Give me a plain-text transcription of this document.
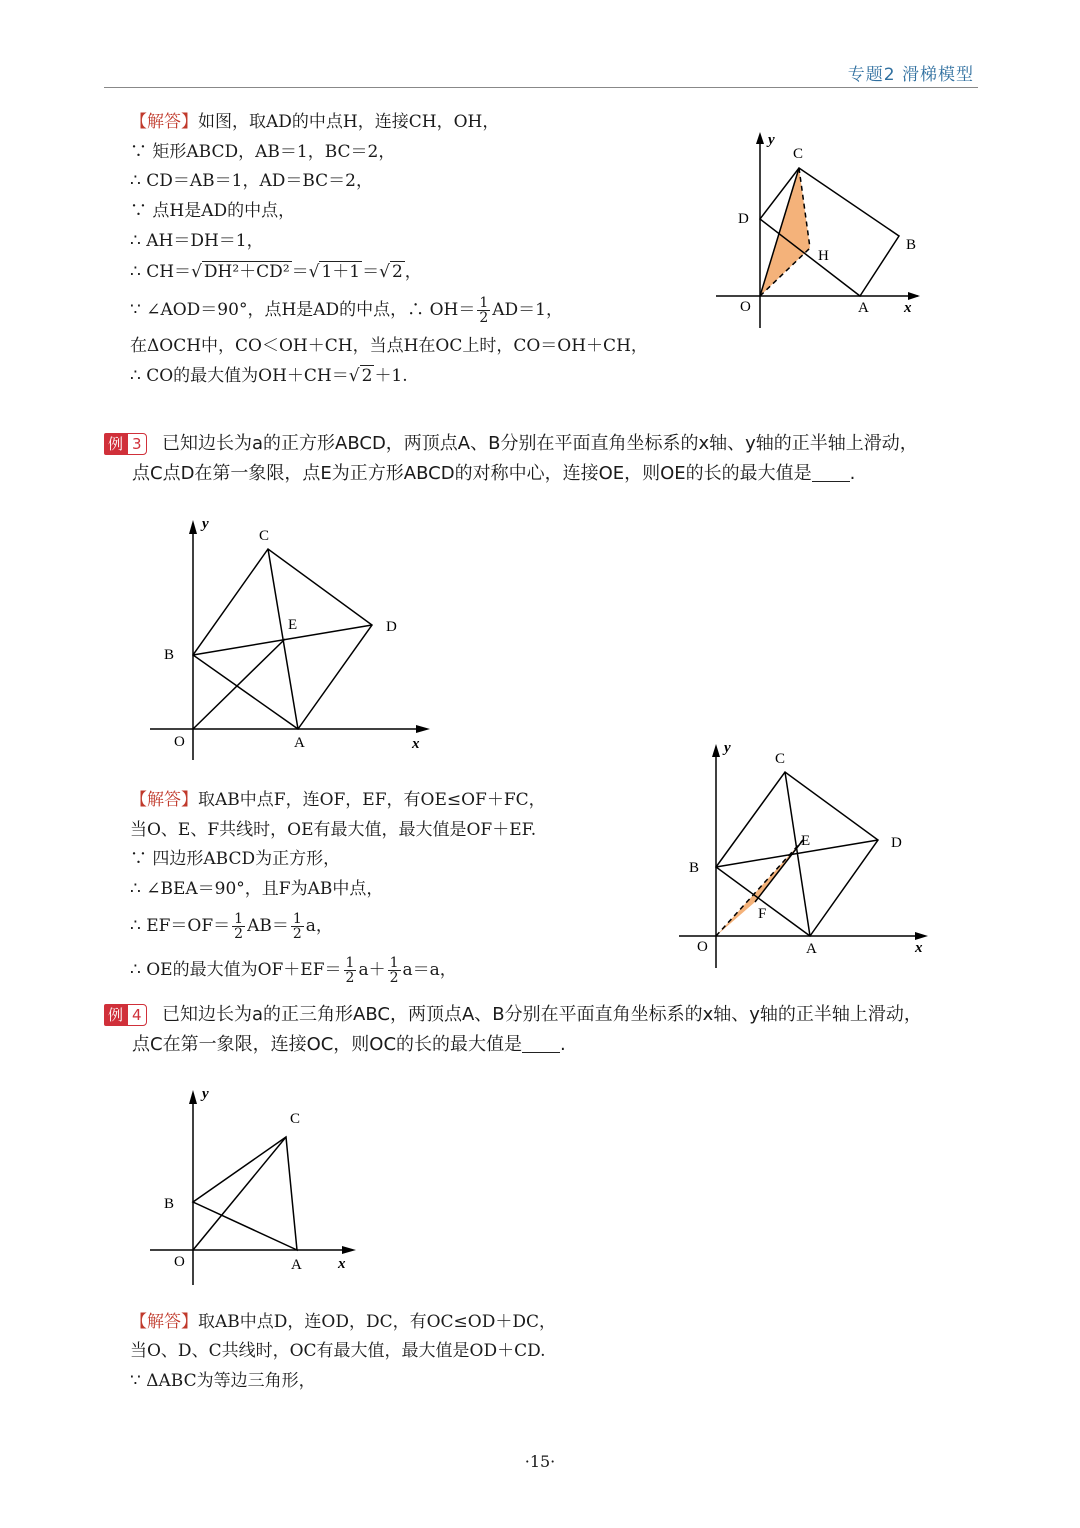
专题2 滑梯模型
【解答】如图，取AD的中点H，连接CH，OH，
∵ 矩形ABCD，AB＝1，BC＝2，
∴ CD＝AB＝1，AD＝BC＝2，
∵ 点H是AD的中点，
∴ AH＝DH＝1，
∴ CH＝√ DH²＋CD² ＝√ 1＋1 ＝√ 2 ，
∵ ∠AOD＝90°，点H是AD的中点，∴ $OH= \frac{1}{2} AD=1$，
在ΔOCH中，CO＜OH＋CH，当点H在OC上时，CO＝OH＋CH，
∴ CO的最大值为OH＋CH＝√ 2 ＋1.
y
x
O	A
B
C
D
H
例 3 已知边长为a的正方形ABCD，两顶点A、B分别在平面直角坐标系的x轴、y轴的正半轴上滑动，
点C点D在第一象限，点E为正方形ABCD的对称中心，连接OE，则OE的长的最大值是 .
y
x
O	A
B
C
D
E
【解答】取AB中点F，连OF，EF，有OE≤OF＋FC，
当O、E、F共线时，OE有最大值，最大值是OF＋EF.
∵ 四边形ABCD为正方形，
∴ ∠BEA＝90°，且F为AB中点，
∴ $EF=OF= \frac{1}{2} AB= \frac{1}{2}$ a，
∴ OE的最大值为$OF+EF= \frac{1}{2} a+ \frac{1}{2} a=a$，
y
x
O	A
B
C
D
E
F
例 4 已知边长为a的正三角形ABC，两顶点A、B分别在平面直角坐标系的x轴、y轴的正半轴上滑动，
点C在第一象限，连接OC，则OC的长的最大值是 .
y
x
O	A
B
C
【解答】取AB中点D，连OD，DC，有OC≤OD＋DC，
当O、D、C共线时，OC有最大值，最大值是OD＋CD.
∵ ΔABC为等边三角形，
·15·
